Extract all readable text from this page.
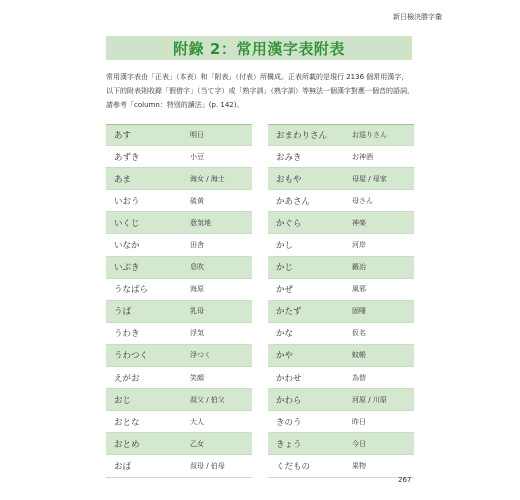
新日檢決勝字彙
附錄 2：常用漢字表附表

常用漢字表由「正表」（本表）和「附表」（付表）所構成。正表所載的是現行 2136 個常用漢字，以下的附表則收錄「假借字」（当て字）或「熟字訓」（熟字訓）等無法一個漢字對應一個音的語詞，請參考「column：特別的讀法」(p. 142)。

あす	明日
あずき	小豆
あま	海女 / 海士
いおう	硫黄
いくじ	意気地
いなか	田舎
いぶき	息吹
うなばら	海原
うば	乳母
うわき	浮気
うわつく	浮つく
えがお	笑顔
おじ	叔父 / 伯父
おとな	大人
おとめ	乙女
おば	叔母 / 伯母
おまわりさん	お巡りさん
おみき	お神酒
おもや	母屋 / 母家
かあさん	母さん
かぐら	神楽
かし	河岸
かじ	鍛冶
かぜ	風邪
かたず	固唾
かな	仮名
かや	蚊帳
かわせ	為替
かわら	河原 / 川原
きのう	昨日
きょう	今日
くだもの	果物
267
